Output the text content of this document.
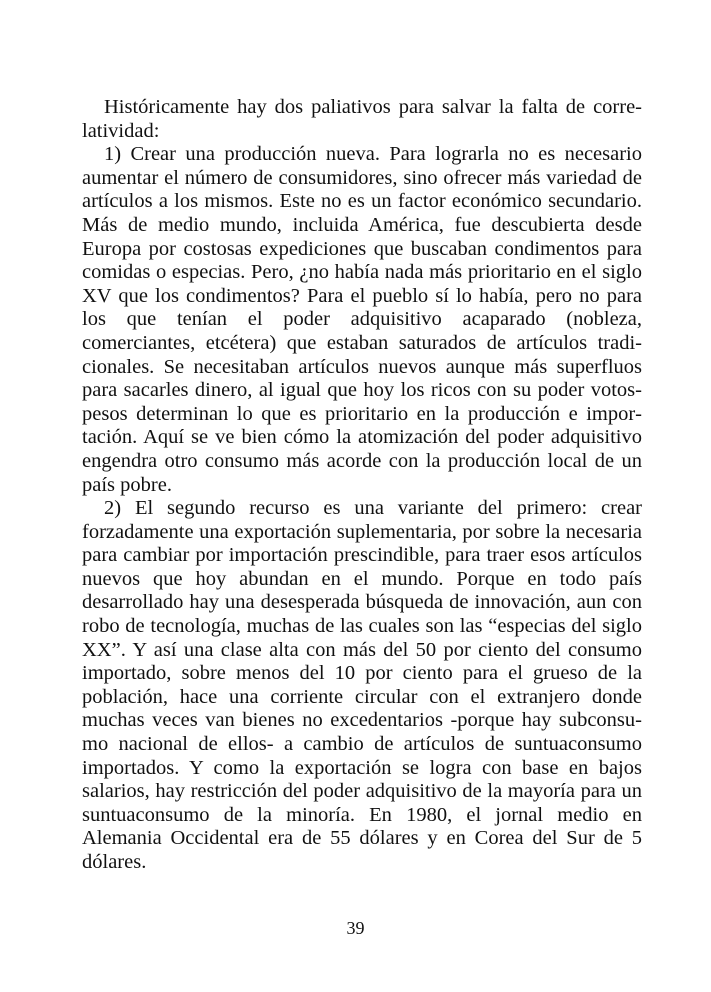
Históricamente hay dos paliativos para salvar la falta de correlatividad:

1) Crear una producción nueva. Para lograrla no es necesario aumentar el número de consumidores, sino ofrecer más variedad de artículos a los mismos. Este no es un factor económico secundario. Más de medio mundo, incluida América, fue descubierta desde Europa por costosas expediciones que buscaban condimentos para comidas o especias. Pero, ¿no había nada más prioritario en el siglo XV que los condimentos? Para el pueblo sí lo había, pero no para los que tenían el poder adquisitivo acaparado (nobleza, comerciantes, etcétera) que estaban saturados de artículos tradicionales. Se necesitaban artículos nuevos aunque más superfluos para sacarles dinero, al igual que hoy los ricos con su poder votospesos determinan lo que es prioritario en la producción e importación. Aquí se ve bien cómo la atomización del poder adquisitivo engendra otro consumo más acorde con la producción local de un país pobre.

2) El segundo recurso es una variante del primero: crear forzadamente una exportación suplementaria, por sobre la necesaria para cambiar por importación prescindible, para traer esos artículos nuevos que hoy abundan en el mundo. Porque en todo país desarrollado hay una desesperada búsqueda de innovación, aun con robo de tecnología, muchas de las cuales son las “especias del siglo XX”. Y así una clase alta con más del 50 por ciento del consumo importado, sobre menos del 10 por ciento para el grueso de la población, hace una corriente circular con el extranjero donde muchas veces van bienes no excedentarios -porque hay subconsumo nacional de ellos- a cambio de artículos de suntuaconsumo importados. Y como la exportación se logra con base en bajos salarios, hay restricción del poder adquisitivo de la mayoría para un suntuaconsumo de la minoría. En 1980, el jornal medio en Alemania Occidental era de 55 dólares y en Corea del Sur de 5 dólares.

39
